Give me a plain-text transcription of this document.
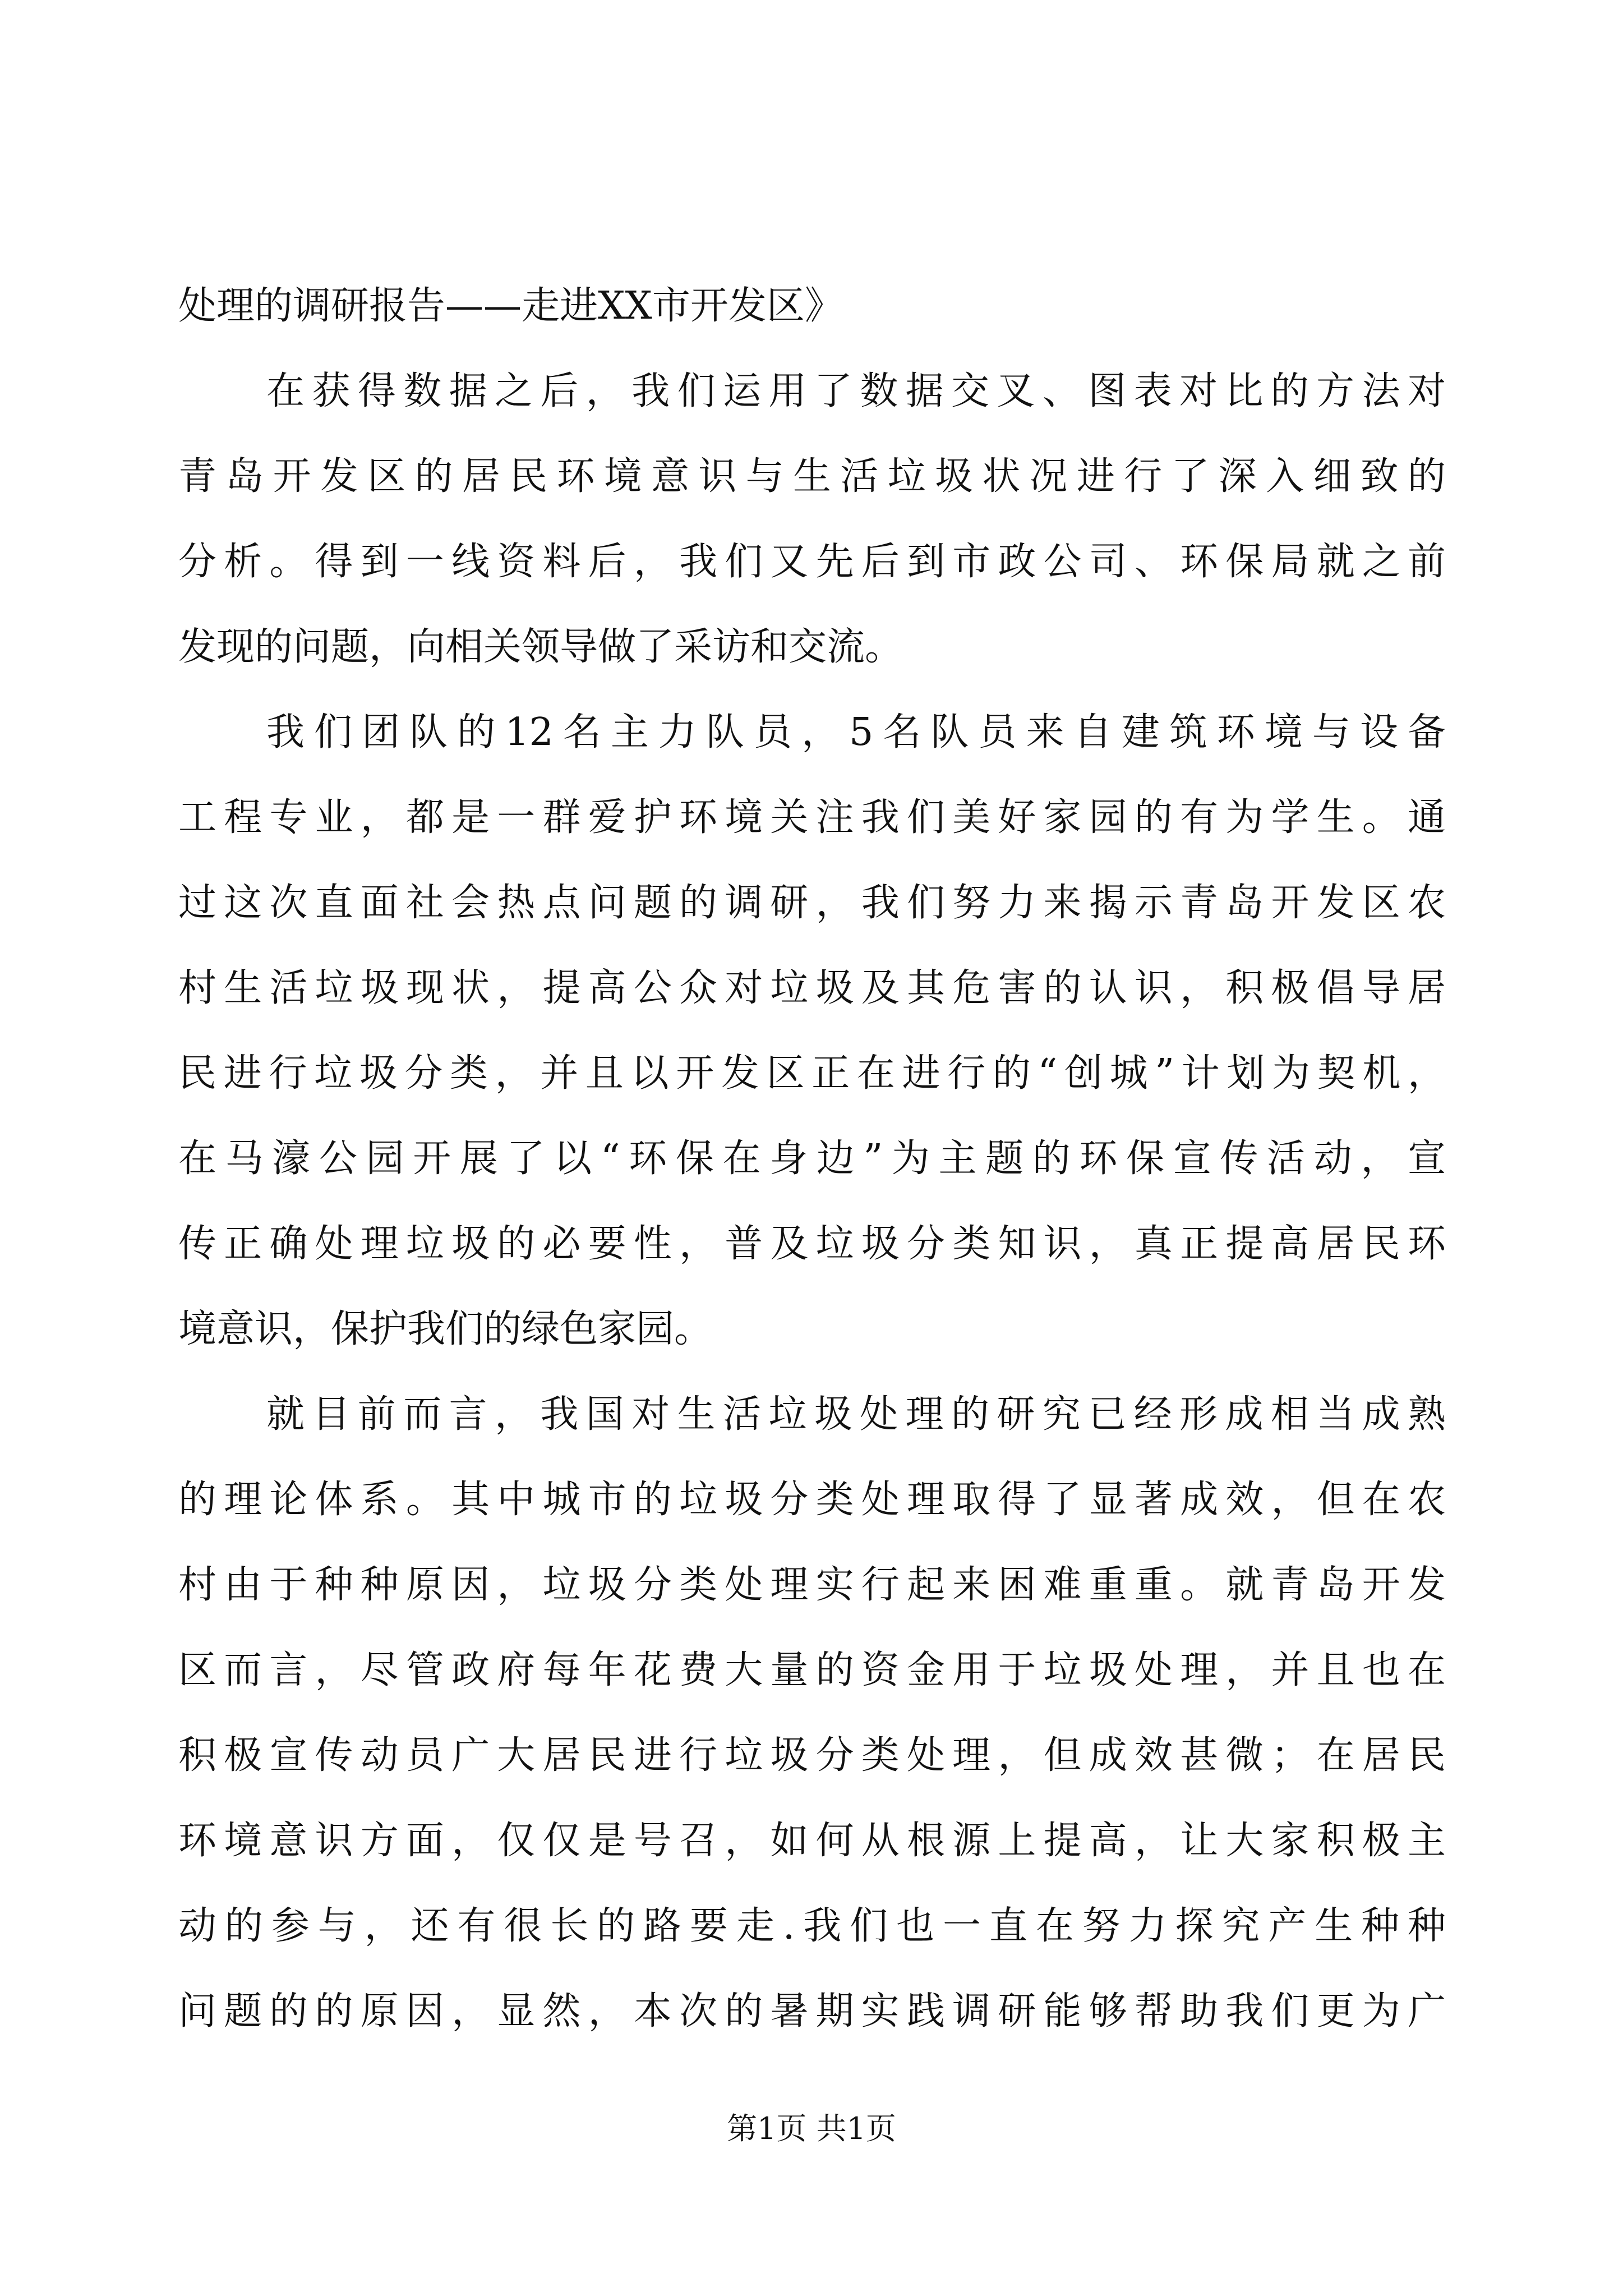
处理的调研报告——走进XX市开发区》
在获得数据之后，我们运用了数据交叉、图表对比的方法对
青岛开发区的居民环境意识与生活垃圾状况进行了深入细致的
分析。得到一线资料后，我们又先后到市政公司、环保局就之前
发现的问题，向相关领导做了采访和交流。
我们团队的12名主力队员，5名队员来自建筑环境与设备
工程专业，都是一群爱护环境关注我们美好家园的有为学生。通
过这次直面社会热点问题的调研，我们努力来揭示青岛开发区农
村生活垃圾现状，提高公众对垃圾及其危害的认识，积极倡导居
民进行垃圾分类，并且以开发区正在进行的“创城”计划为契机，
在马濠公园开展了以“环保在身边”为主题的环保宣传活动，宣
传正确处理垃圾的必要性，普及垃圾分类知识，真正提高居民环
境意识，保护我们的绿色家园。
就目前而言，我国对生活垃圾处理的研究已经形成相当成熟
的理论体系。其中城市的垃圾分类处理取得了显著成效，但在农
村由于种种原因，垃圾分类处理实行起来困难重重。就青岛开发
区而言，尽管政府每年花费大量的资金用于垃圾处理，并且也在
积极宣传动员广大居民进行垃圾分类处理，但成效甚微；在居民
环境意识方面，仅仅是号召，如何从根源上提高，让大家积极主
动的参与，还有很长的路要走.我们也一直在努力探究产生种种
问题的的原因，显然，本次的暑期实践调研能够帮助我们更为广
第1页 共1页
